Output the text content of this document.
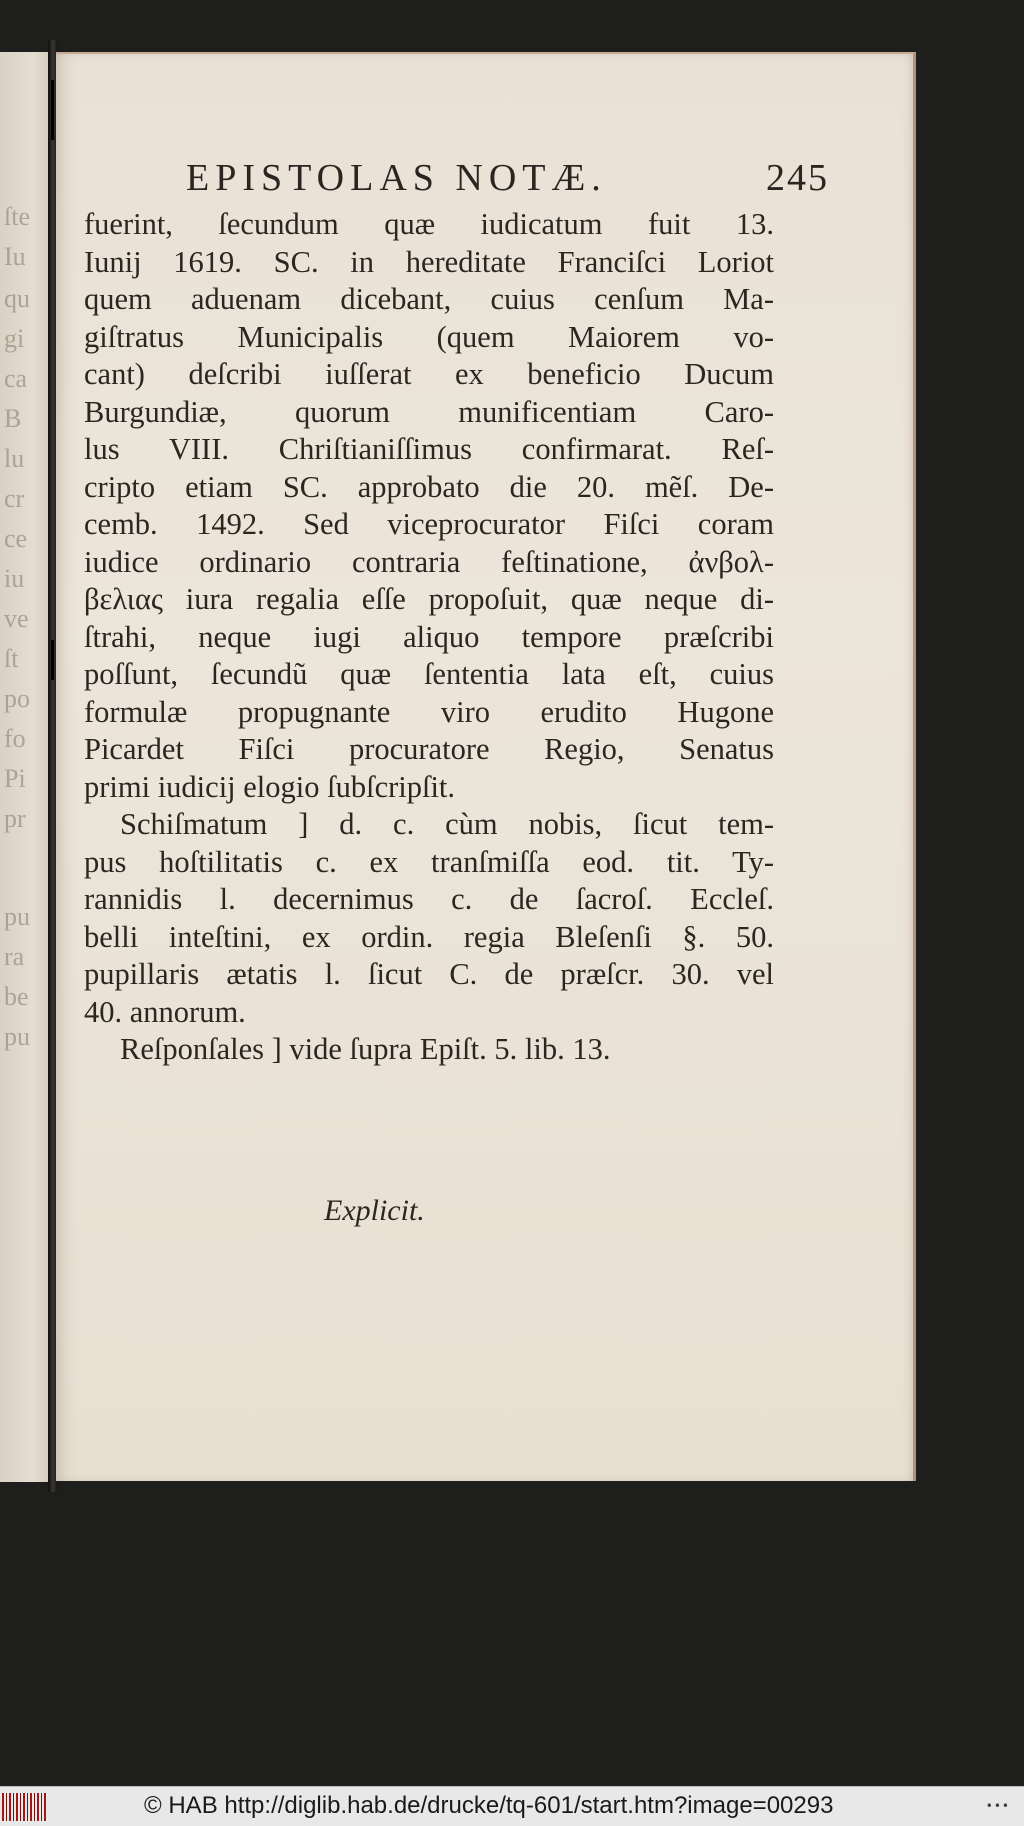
ſte
Iu
qu
gi
ca
B
lu
cr
ce
iu
ve
ſt
po
fo
Pi
pr
pu
ra
be
pu
EPISTOLAS NOTÆ.	245
fuerint, ſecundum quæ iudicatum fuit 13.
Iunij 1619. SC. in hereditate Franciſci Loriot
quem aduenam dicebant, cuius cenſum Ma-
giſtratus Municipalis (quem Maiorem vo-
cant) deſcribi iuſſerat ex beneficio Ducum
Burgundiæ, quorum munificentiam Caro-
lus VIII. Chriſtianiſſimus confirmarat. Reſ-
cripto etiam SC. approbato die 20. mẽſ. De-
cemb. 1492. Sed viceprocurator Fiſci coram
iudice ordinario contraria feſtinatione, ἀνβολ-
βελιας iura regalia eſſe propoſuit, quæ neque di-
ſtrahi, neque iugi aliquo tempore præſcribi
poſſunt, ſecundũ quæ ſententia lata eſt, cuius
formulæ propugnante viro erudito Hugone
Picardet Fiſci procuratore Regio, Senatus
primi iudicij elogio ſubſcripſit.
Schiſmatum ] d. c. cùm nobis, ſicut tem-
pus hoſtilitatis c. ex tranſmiſſa eod. tit. Ty-
rannidis l. decernimus c. de ſacroſ. Eccleſ.
belli inteſtini, ex ordin. regia Bleſenſi §. 50.
pupillaris ætatis l. ſicut C. de præſcr. 30. vel
40. annorum.
Reſponſales ] vide ſupra Epiſt. 5. lib. 13.
Explicit.
© HAB http://diglib.hab.de/drucke/tq-601/start.htm?image=00293	•••
